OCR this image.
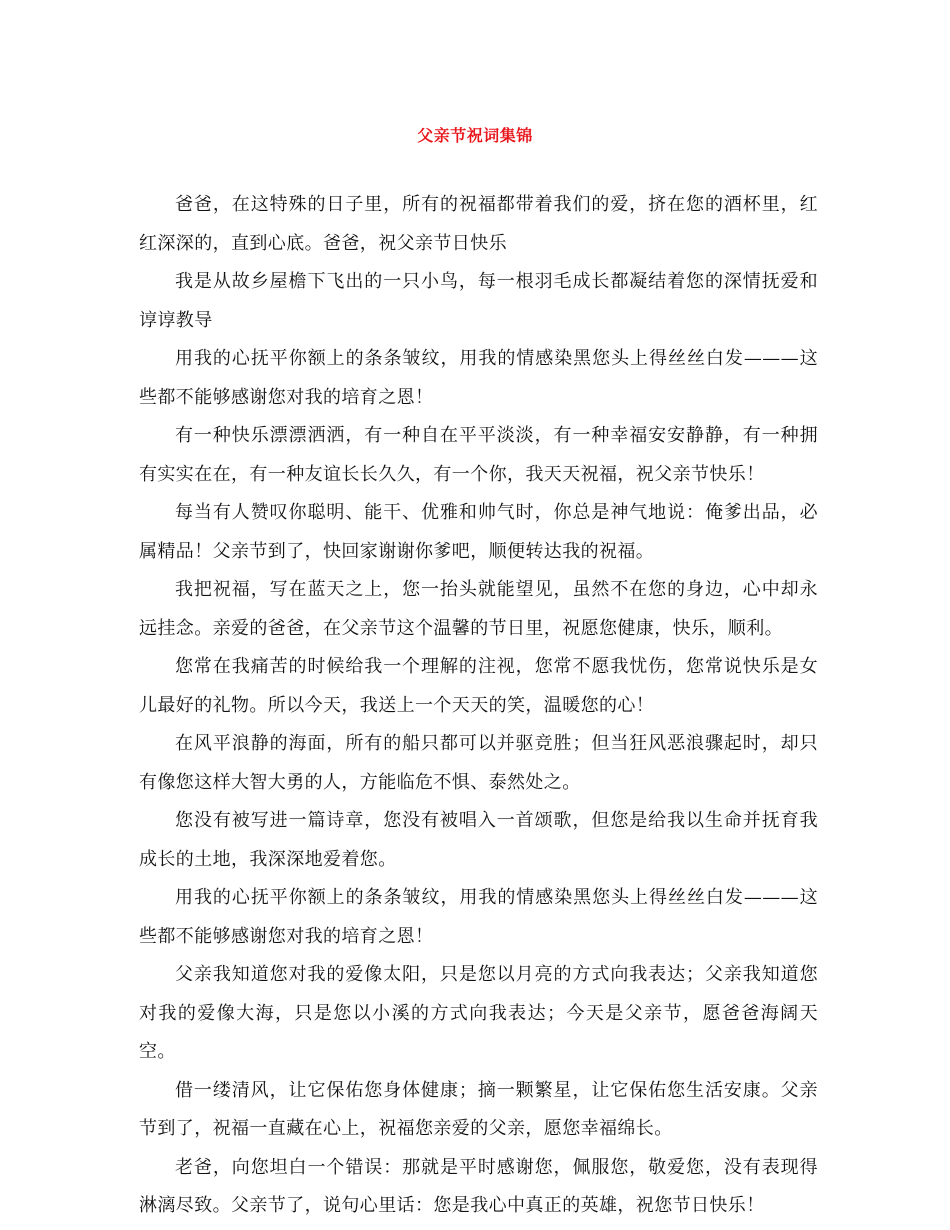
父亲节祝词集锦

爸爸，在这特殊的日子里，所有的祝福都带着我们的爱，挤在您的酒杯里，红红深深的，直到心底。爸爸，祝父亲节日快乐

我是从故乡屋檐下飞出的一只小鸟，每一根羽毛成长都凝结着您的深情抚爱和谆谆教导

用我的心抚平你额上的条条皱纹，用我的情感染黑您头上得丝丝白发———这些都不能够感谢您对我的培育之恩！

有一种快乐漂漂洒洒，有一种自在平平淡淡，有一种幸福安安静静，有一种拥有实实在在，有一种友谊长长久久，有一个你，我天天祝福，祝父亲节快乐！

每当有人赞叹你聪明、能干、优雅和帅气时，你总是神气地说：俺爹出品，必属精品！父亲节到了，快回家谢谢你爹吧，顺便转达我的祝福。

我把祝福，写在蓝天之上，您一抬头就能望见，虽然不在您的身边，心中却永远挂念。亲爱的爸爸，在父亲节这个温馨的节日里，祝愿您健康，快乐，顺利。

您常在我痛苦的时候给我一个理解的注视，您常不愿我忧伤，您常说快乐是女儿最好的礼物。所以今天，我送上一个天天的笑，温暖您的心！

在风平浪静的海面，所有的船只都可以并驱竞胜；但当狂风恶浪骤起时，却只有像您这样大智大勇的人，方能临危不惧、泰然处之。

您没有被写进一篇诗章，您没有被唱入一首颂歌，但您是给我以生命并抚育我成长的土地，我深深地爱着您。

用我的心抚平你额上的条条皱纹，用我的情感染黑您头上得丝丝白发———这些都不能够感谢您对我的培育之恩！

父亲我知道您对我的爱像太阳，只是您以月亮的方式向我表达；父亲我知道您对我的爱像大海，只是您以小溪的方式向我表达；今天是父亲节，愿爸爸海阔天空。

借一缕清风，让它保佑您身体健康；摘一颗繁星，让它保佑您生活安康。父亲节到了，祝福一直藏在心上，祝福您亲爱的父亲，愿您幸福绵长。

老爸，向您坦白一个错误：那就是平时感谢您，佩服您，敬爱您，没有表现得淋漓尽致。父亲节了，说句心里话：您是我心中真正的英雄，祝您节日快乐！
